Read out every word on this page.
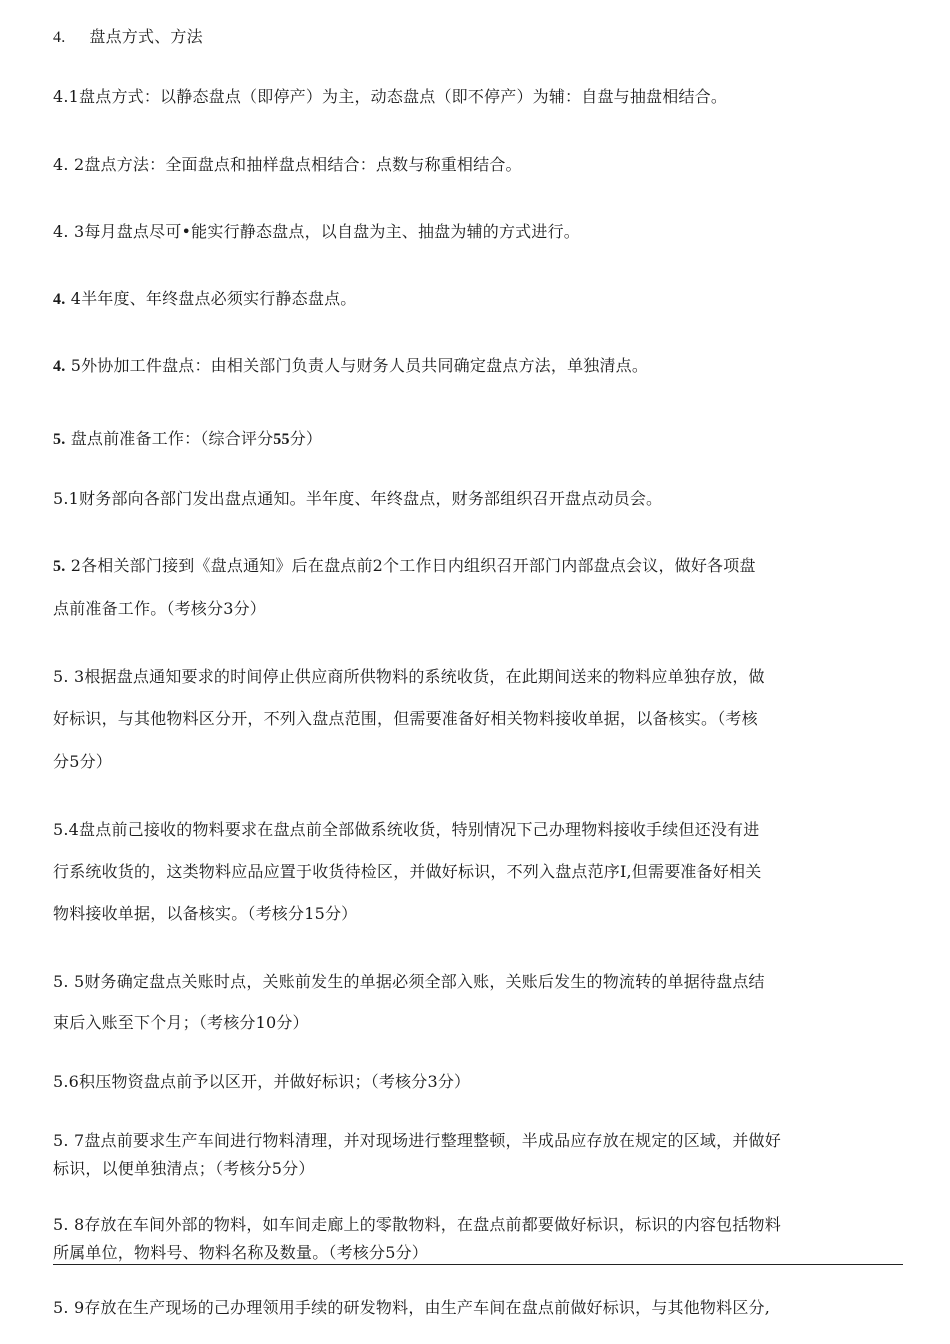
4. 盘点方式、方法
4.1盘点方式：以静态盘点（即停产）为主，动态盘点（即不停产）为辅：自盘与抽盘相结合。
4. 2盘点方法：全面盘点和抽样盘点相结合：点数与称重相结合。
4. 3每月盘点尽可•能实行静态盘点，以自盘为主、抽盘为辅的方式进行。
4. 4半年度、年终盘点必须实行静态盘点。
4. 5外协加工件盘点：由相关部门负责人与财务人员共同确定盘点方法，单独清点。
5. 盘点前准备工作：（综合评分55分）
5.1财务部向各部门发出盘点通知。半年度、年终盘点，财务部组织召开盘点动员会。
5. 2各相关部门接到《盘点通知》后在盘点前2个工作日内组织召开部门内部盘点会议，做好各项盘
点前准备工作。（考核分3分）
5. 3根据盘点通知要求的时间停止供应商所供物料的系统收货，在此期间送来的物料应单独存放，做
好标识，与其他物料区分开，不列入盘点范围，但需要准备好相关物料接收单据，以备核实。（考核
分5分）
5.4盘点前己接收的物料要求在盘点前全部做系统收货，特别情况下己办理物料接收手续但还没有进
行系统收货的，这类物料应品应置于收货待检区，并做好标识，不列入盘点范序I,但需要准备好相关
物料接收单据，以备核实。（考核分15分）
5. 5财务确定盘点关账时点，关账前发生的单据必须全部入账，关账后发生的物流转的单据待盘点结
束后入账至下个月；（考核分10分）
5.6积压物资盘点前予以区开，并做好标识；（考核分3分）
5. 7盘点前要求生产车间进行物料清理，并对现场进行整理整顿，半成品应存放在规定的区域，并做好
标识，以便单独清点；（考核分5分）
5. 8存放在车间外部的物料，如车间走廊上的零散物料，在盘点前都要做好标识，标识的内容包括物料
所属单位，物料号、物料名称及数量。（考核分5分）
5. 9存放在生产现场的己办理领用手续的研发物料，由生产车间在盘点前做好标识，与其他物料区分,
